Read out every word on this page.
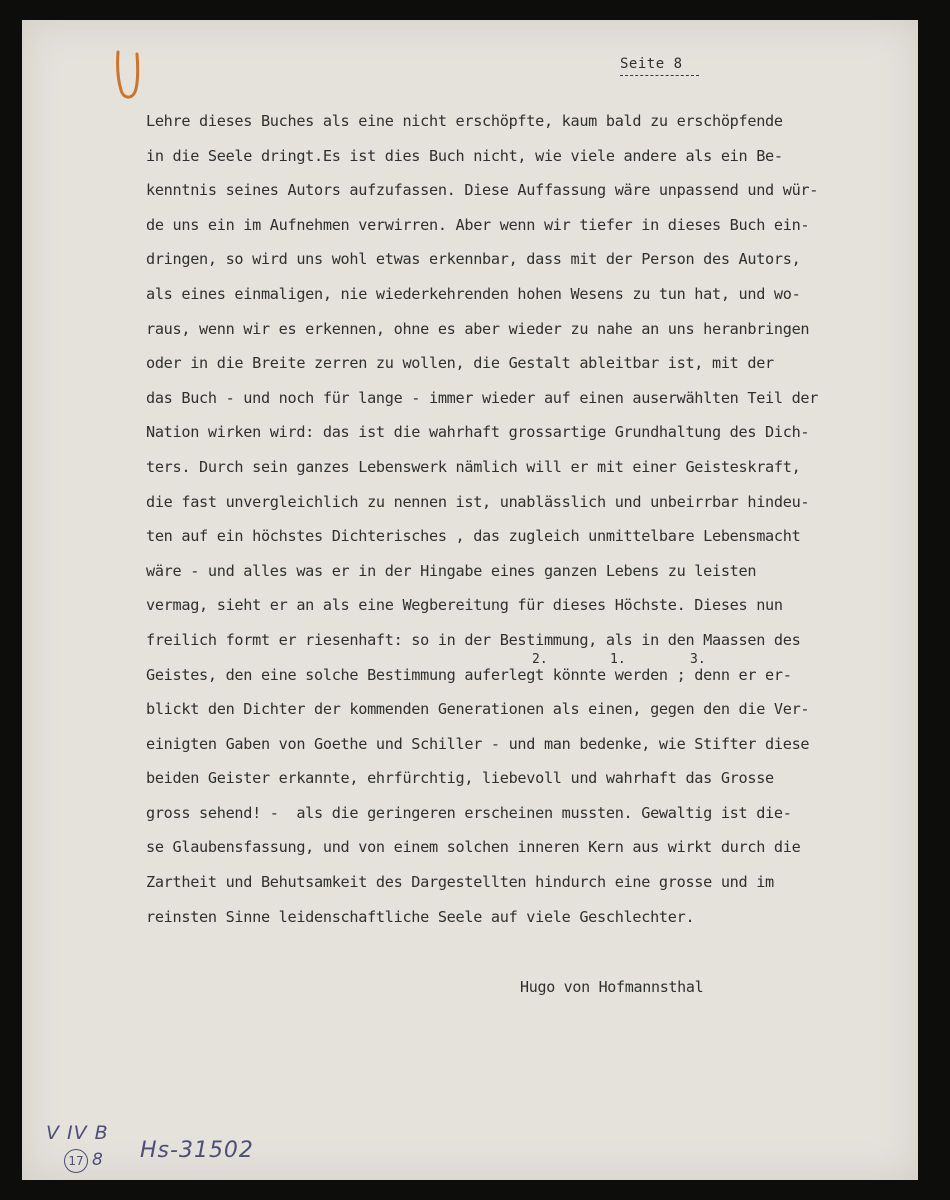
Seite 8
Lehre dieses Buches als eine nicht erschöpfte, kaum bald zu erschöpfende
in die Seele dringt.Es ist dies Buch nicht, wie viele andere als ein Be-
kenntnis seines Autors aufzufassen. Diese Auffassung wäre unpassend und wür-
de uns ein im Aufnehmen verwirren. Aber wenn wir tiefer in dieses Buch ein-
dringen, so wird uns wohl etwas erkennbar, dass mit der Person des Autors,
als eines einmaligen, nie wiederkehrenden hohen Wesens zu tun hat, und wo-
raus, wenn wir es erkennen, ohne es aber wieder zu nahe an uns heranbringen
oder in die Breite zerren zu wollen, die Gestalt ableitbar ist, mit der
das Buch - und noch für lange - immer wieder auf einen auserwählten Teil der
Nation wirken wird: das ist die wahrhaft grossartige Grundhaltung des Dich-
ters. Durch sein ganzes Lebenswerk nämlich will er mit einer Geisteskraft,
die fast unvergleichlich zu nennen ist, unablässlich und unbeirrbar hindeu-
ten auf ein höchstes Dichterisches , das zugleich unmittelbare Lebensmacht
wäre - und alles was er in der Hingabe eines ganzen Lebens zu leisten
vermag, sieht er an als eine Wegbereitung für dieses Höchste. Dieses nun
freilich formt er riesenhaft: so in der Bestimmung, als in den Maassen des
Geistes, den eine solche Bestimmung auferlegt könnte werden ; denn er er-
blickt den Dichter der kommenden Generationen als einen, gegen den die Ver-
einigten Gaben von Goethe und Schiller - und man bedenke, wie Stifter diese
beiden Geister erkannte, ehrfürchtig, liebevoll und wahrhaft das Grosse
gross sehend! -  als die geringeren erscheinen mussten. Gewaltig ist die-
se Glaubensfassung, und von einem solchen inneren Kern aus wirkt durch die
Zartheit und Behutsamkeit des Dargestellten hindurch eine grosse und im
reinsten Sinne leidenschaftliche Seele auf viele Geschlechter.
2.	1.	3.
Hugo von Hofmannsthal
V IV B
17 8 Hs-31502
